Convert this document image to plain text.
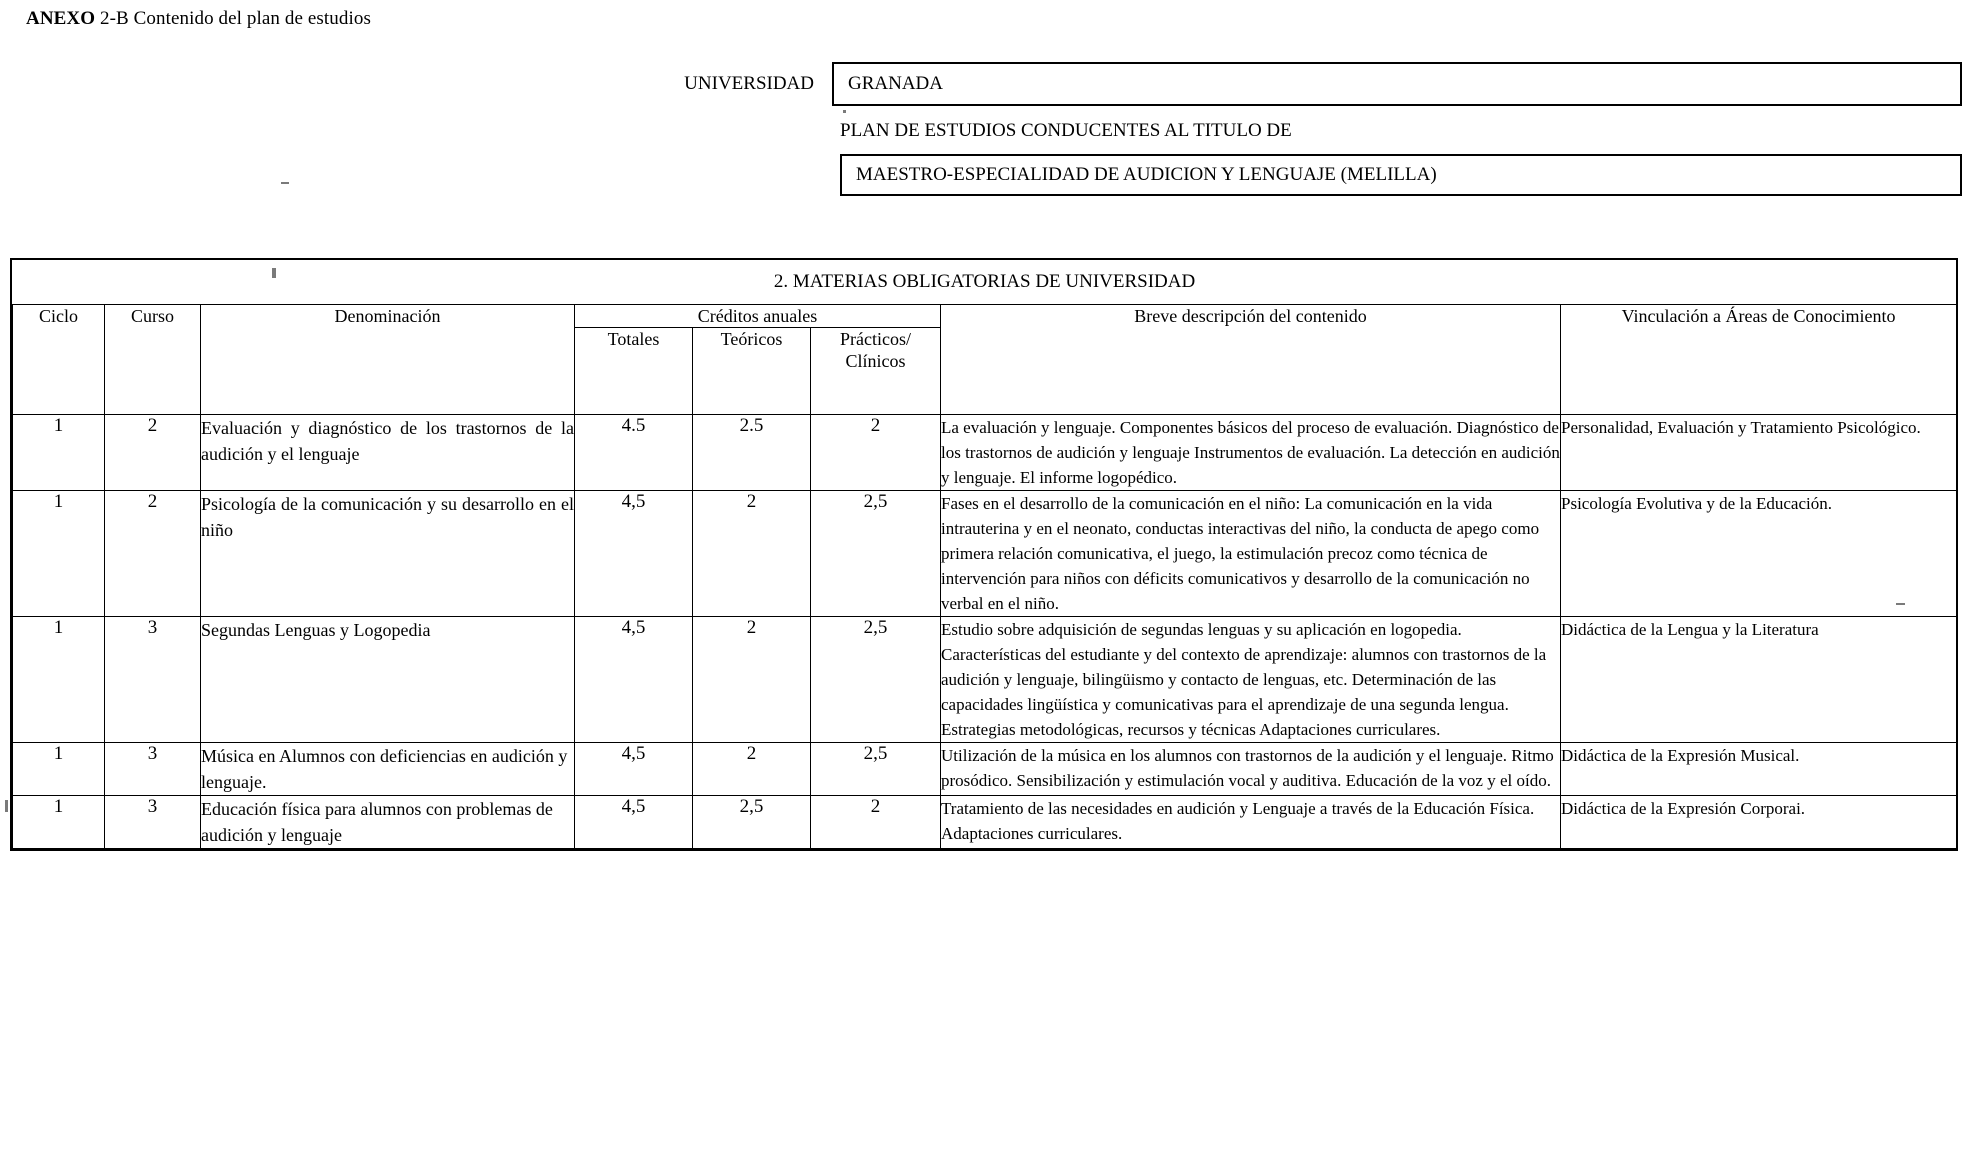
ANEXO 2-B Contenido del plan de estudios
UNIVERSIDAD	GRANADA
PLAN DE ESTUDIOS CONDUCENTES AL TITULO DE
MAESTRO-ESPECIALIDAD DE AUDICION Y LENGUAJE (MELILLA)
2. MATERIAS OBLIGATORIAS DE UNIVERSIDAD							
Ciclo	Curso	Denominación	Créditos anuales			Breve descripción del contenido	Vinculación a Áreas de Conocimiento
			Totales	Teóricos	Prácticos/
Clínicos		
1	2	Evaluación y diagnóstico de los trastornos de la audición y el lenguaje	4.5	2.5	2	La evaluación y lenguaje. Componentes básicos del proceso de evaluación. Diagnóstico de los trastornos de audición y lenguaje Instrumentos de evaluación. La detección en audición y lenguaje. El informe logopédico.	Personalidad, Evaluación y Tratamiento Psicológico.
1	2	Psicología de la comunicación y su desarrollo en el niño	4,5	2	2,5	Fases en el desarrollo de la comunicación en el niño: La comunicación en la vida intrauterina y en el neonato, conductas interactivas del niño, la conducta de apego como primera relación comunicativa, el juego, la estimulación precoz como técnica de intervención para niños con déficits comunicativos y desarrollo de la comunicación no verbal en el niño.	Psicología Evolutiva y de la Educación.
1	3	Segundas Lenguas y Logopedia	4,5	2	2,5	Estudio sobre adquisición de segundas lenguas y su aplicación en logopedia. Características del estudiante y del contexto de aprendizaje: alumnos con trastornos de la audición y lenguaje, bilingüismo y contacto de lenguas, etc. Determinación de las capacidades lingüística y comunicativas para el aprendizaje de una segunda lengua. Estrategias metodológicas, recursos y técnicas Adaptaciones curriculares.	Didáctica de la Lengua y la Literatura
1	3	Música en Alumnos con deficiencias en audición y lenguaje.	4,5	2	2,5	Utilización de la música en los alumnos con trastornos de la audición y el lenguaje. Ritmo prosódico. Sensibilización y estimulación vocal y auditiva. Educación de la voz y el oído.	Didáctica de la Expresión Musical.
1	3	Educación física para alumnos con problemas de audición y lenguaje	4,5	2,5	2	Tratamiento de las necesidades en audición y Lenguaje a través de la Educación Física. Adaptaciones curriculares.	Didáctica de la Expresión Corporai.
